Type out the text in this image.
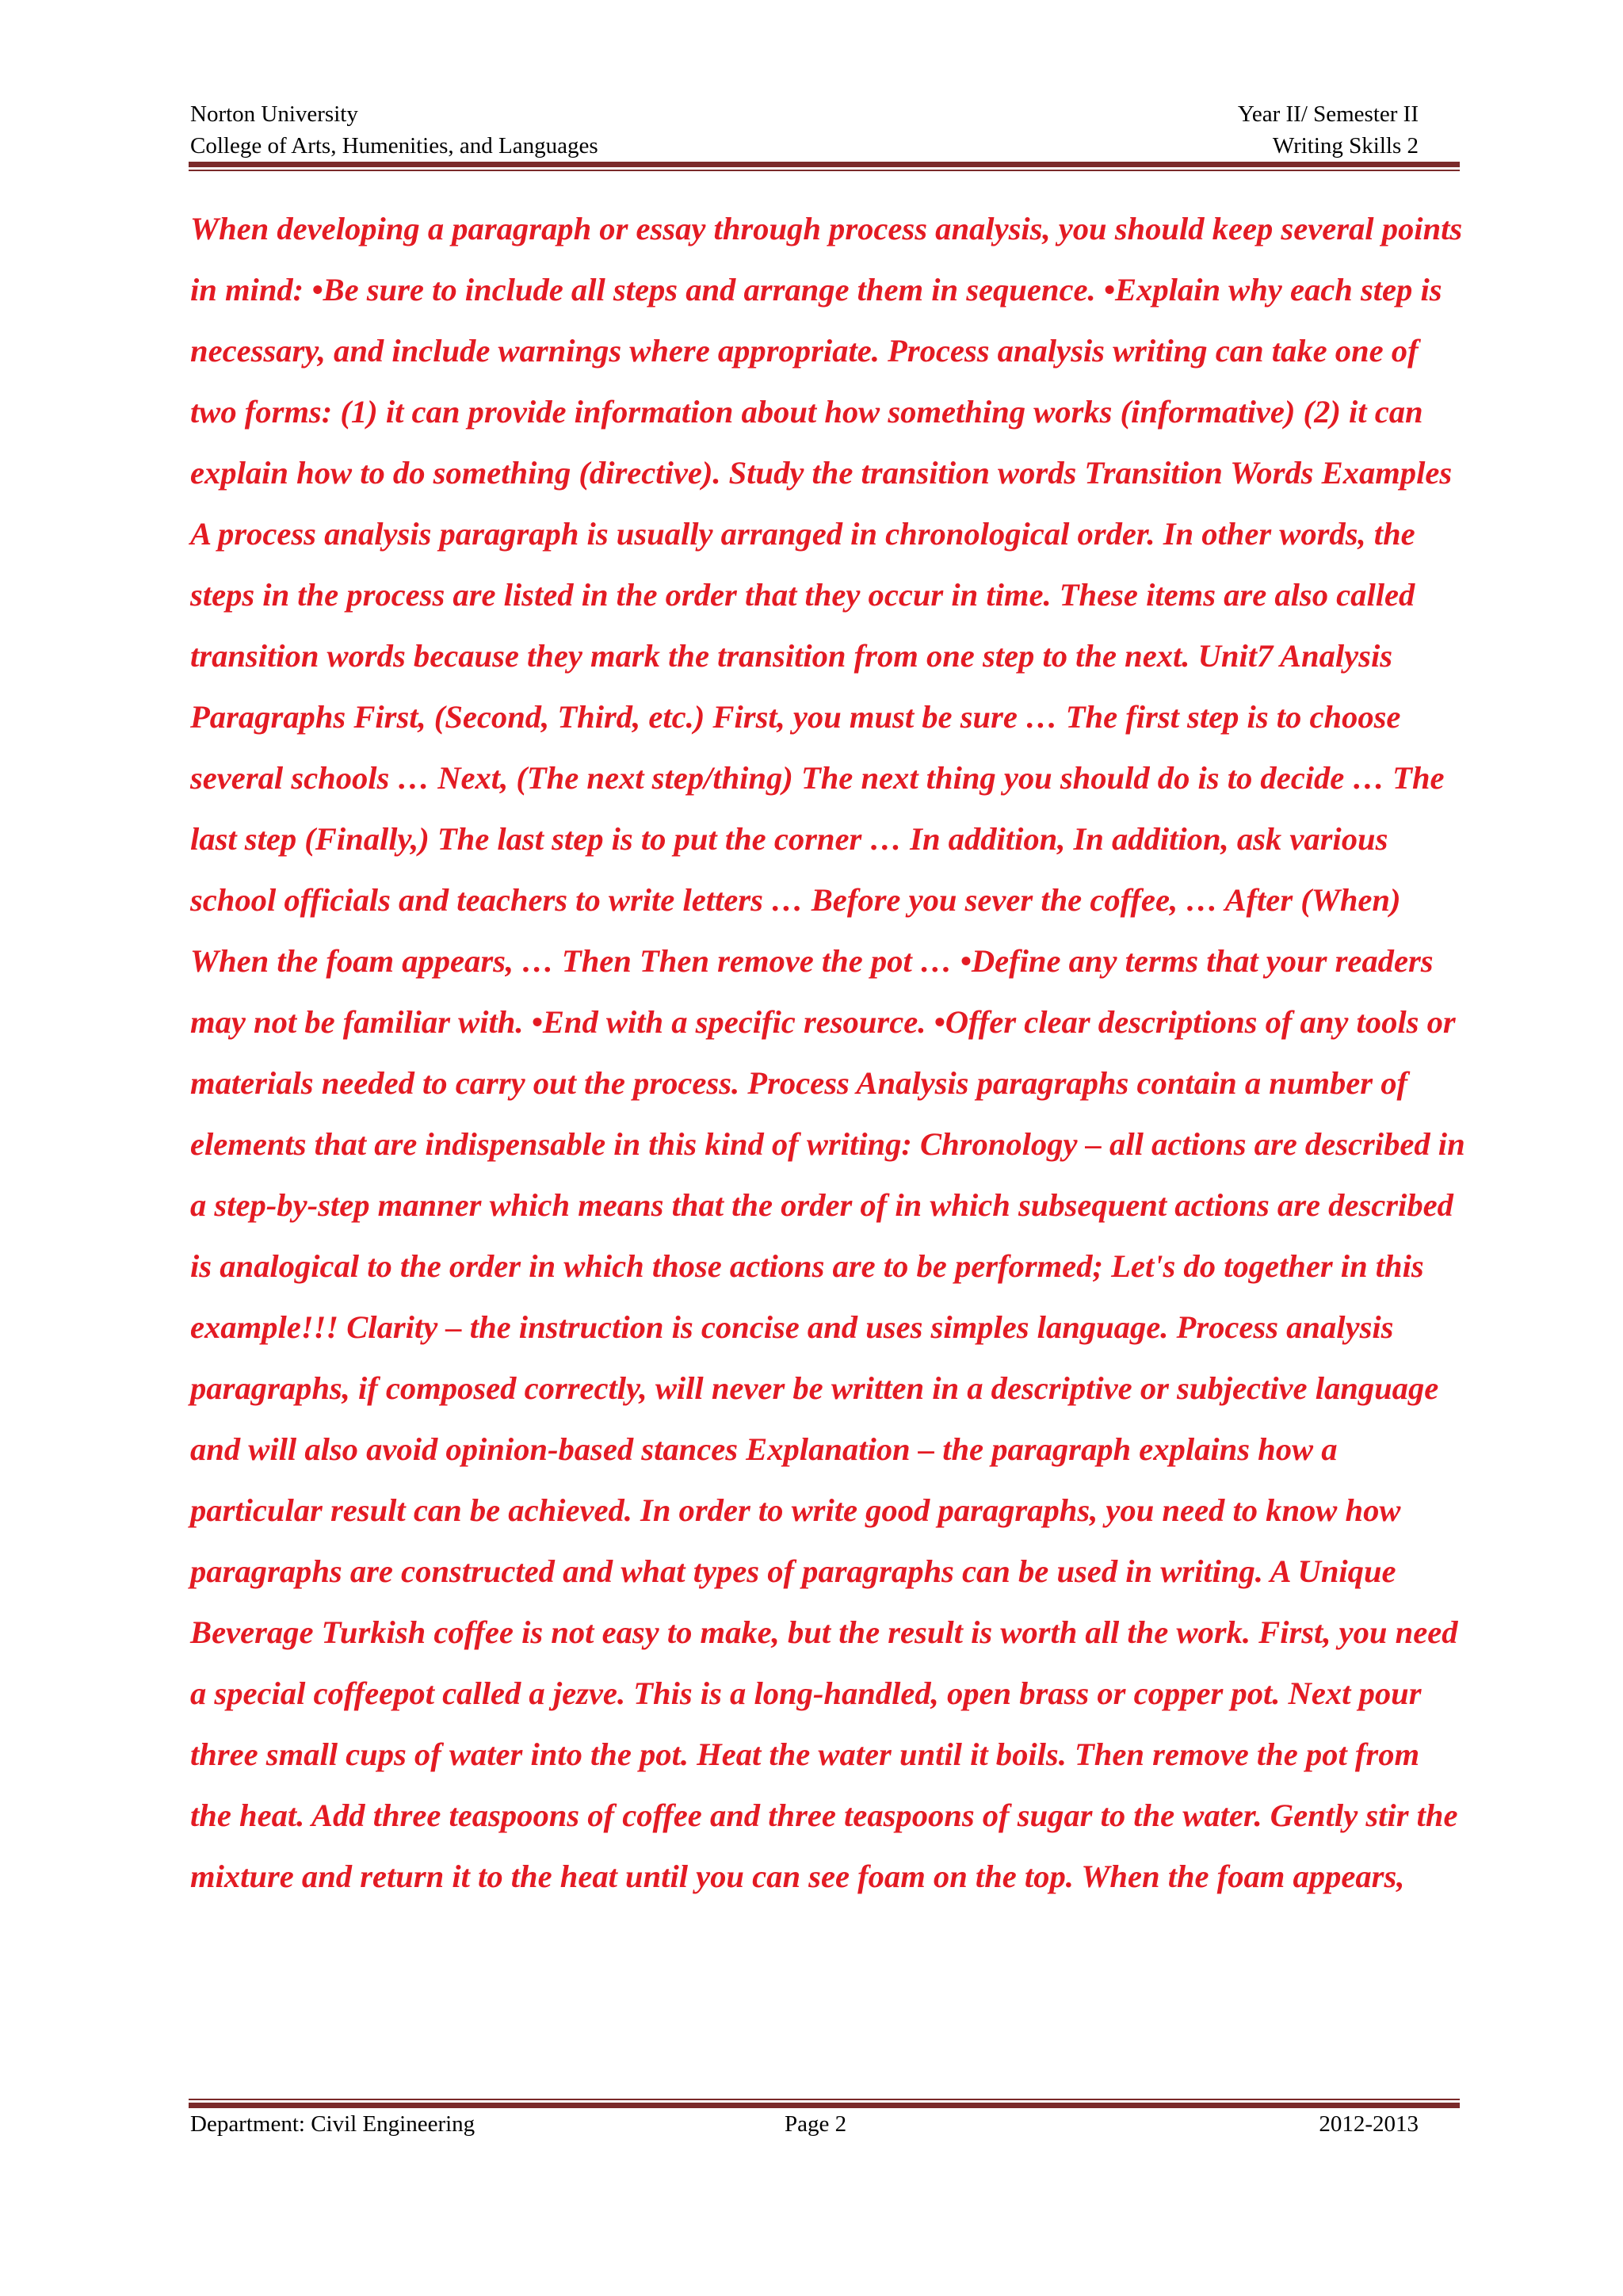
Norton University	Year II/ Semester II
College of Arts, Humenities, and Languages	Writing Skills 2

When developing a paragraph or essay through process analysis, you should keep several points in mind: •Be sure to include all steps and arrange them in sequence. •Explain why each step is necessary, and include warnings where appropriate. Process analysis writing can take one of two forms: (1) it can provide information about how something works (informative) (2) it can explain how to do something (directive). Study the transition words Transition Words Examples A process analysis paragraph is usually arranged in chronological order. In other words, the steps in the process are listed in the order that they occur in time. These items are also called transition words because they mark the transition from one step to the next. Unit7 Analysis Paragraphs First, (Second, Third, etc.) First, you must be sure … The first step is to choose several schools … Next, (The next step/thing) The next thing you should do is to decide … The last step (Finally,) The last step is to put the corner … In addition, In addition, ask various school officials and teachers to write letters … Before you sever the coffee, … After (When) When the foam appears, … Then Then remove the pot … •Define any terms that your readers may not be familiar with. •End with a specific resource. •Offer clear descriptions of any tools or materials needed to carry out the process. Process Analysis paragraphs contain a number of elements that are indispensable in this kind of writing: Chronology – all actions are described in a step-by-step manner which means that the order of in which subsequent actions are described is analogical to the order in which those actions are to be performed; Let's do together in this example!!! Clarity – the instruction is concise and uses simples language. Process analysis paragraphs, if composed correctly, will never be written in a descriptive or subjective language and will also avoid opinion-based stances Explanation – the paragraph explains how a particular result can be achieved. In order to write good paragraphs, you need to know how paragraphs are constructed and what types of paragraphs can be used in writing. A Unique Beverage Turkish coffee is not easy to make, but the result is worth all the work. First, you need a special coffeepot called a jezve. This is a long-handled, open brass or copper pot. Next pour three small cups of water into the pot. Heat the water until it boils. Then remove the pot from the heat. Add three teaspoons of coffee and three teaspoons of sugar to the water. Gently stir the mixture and return it to the heat until you can see foam on the top. When the foam appears,

Department: Civil Engineering	Page 2	2012-2013
